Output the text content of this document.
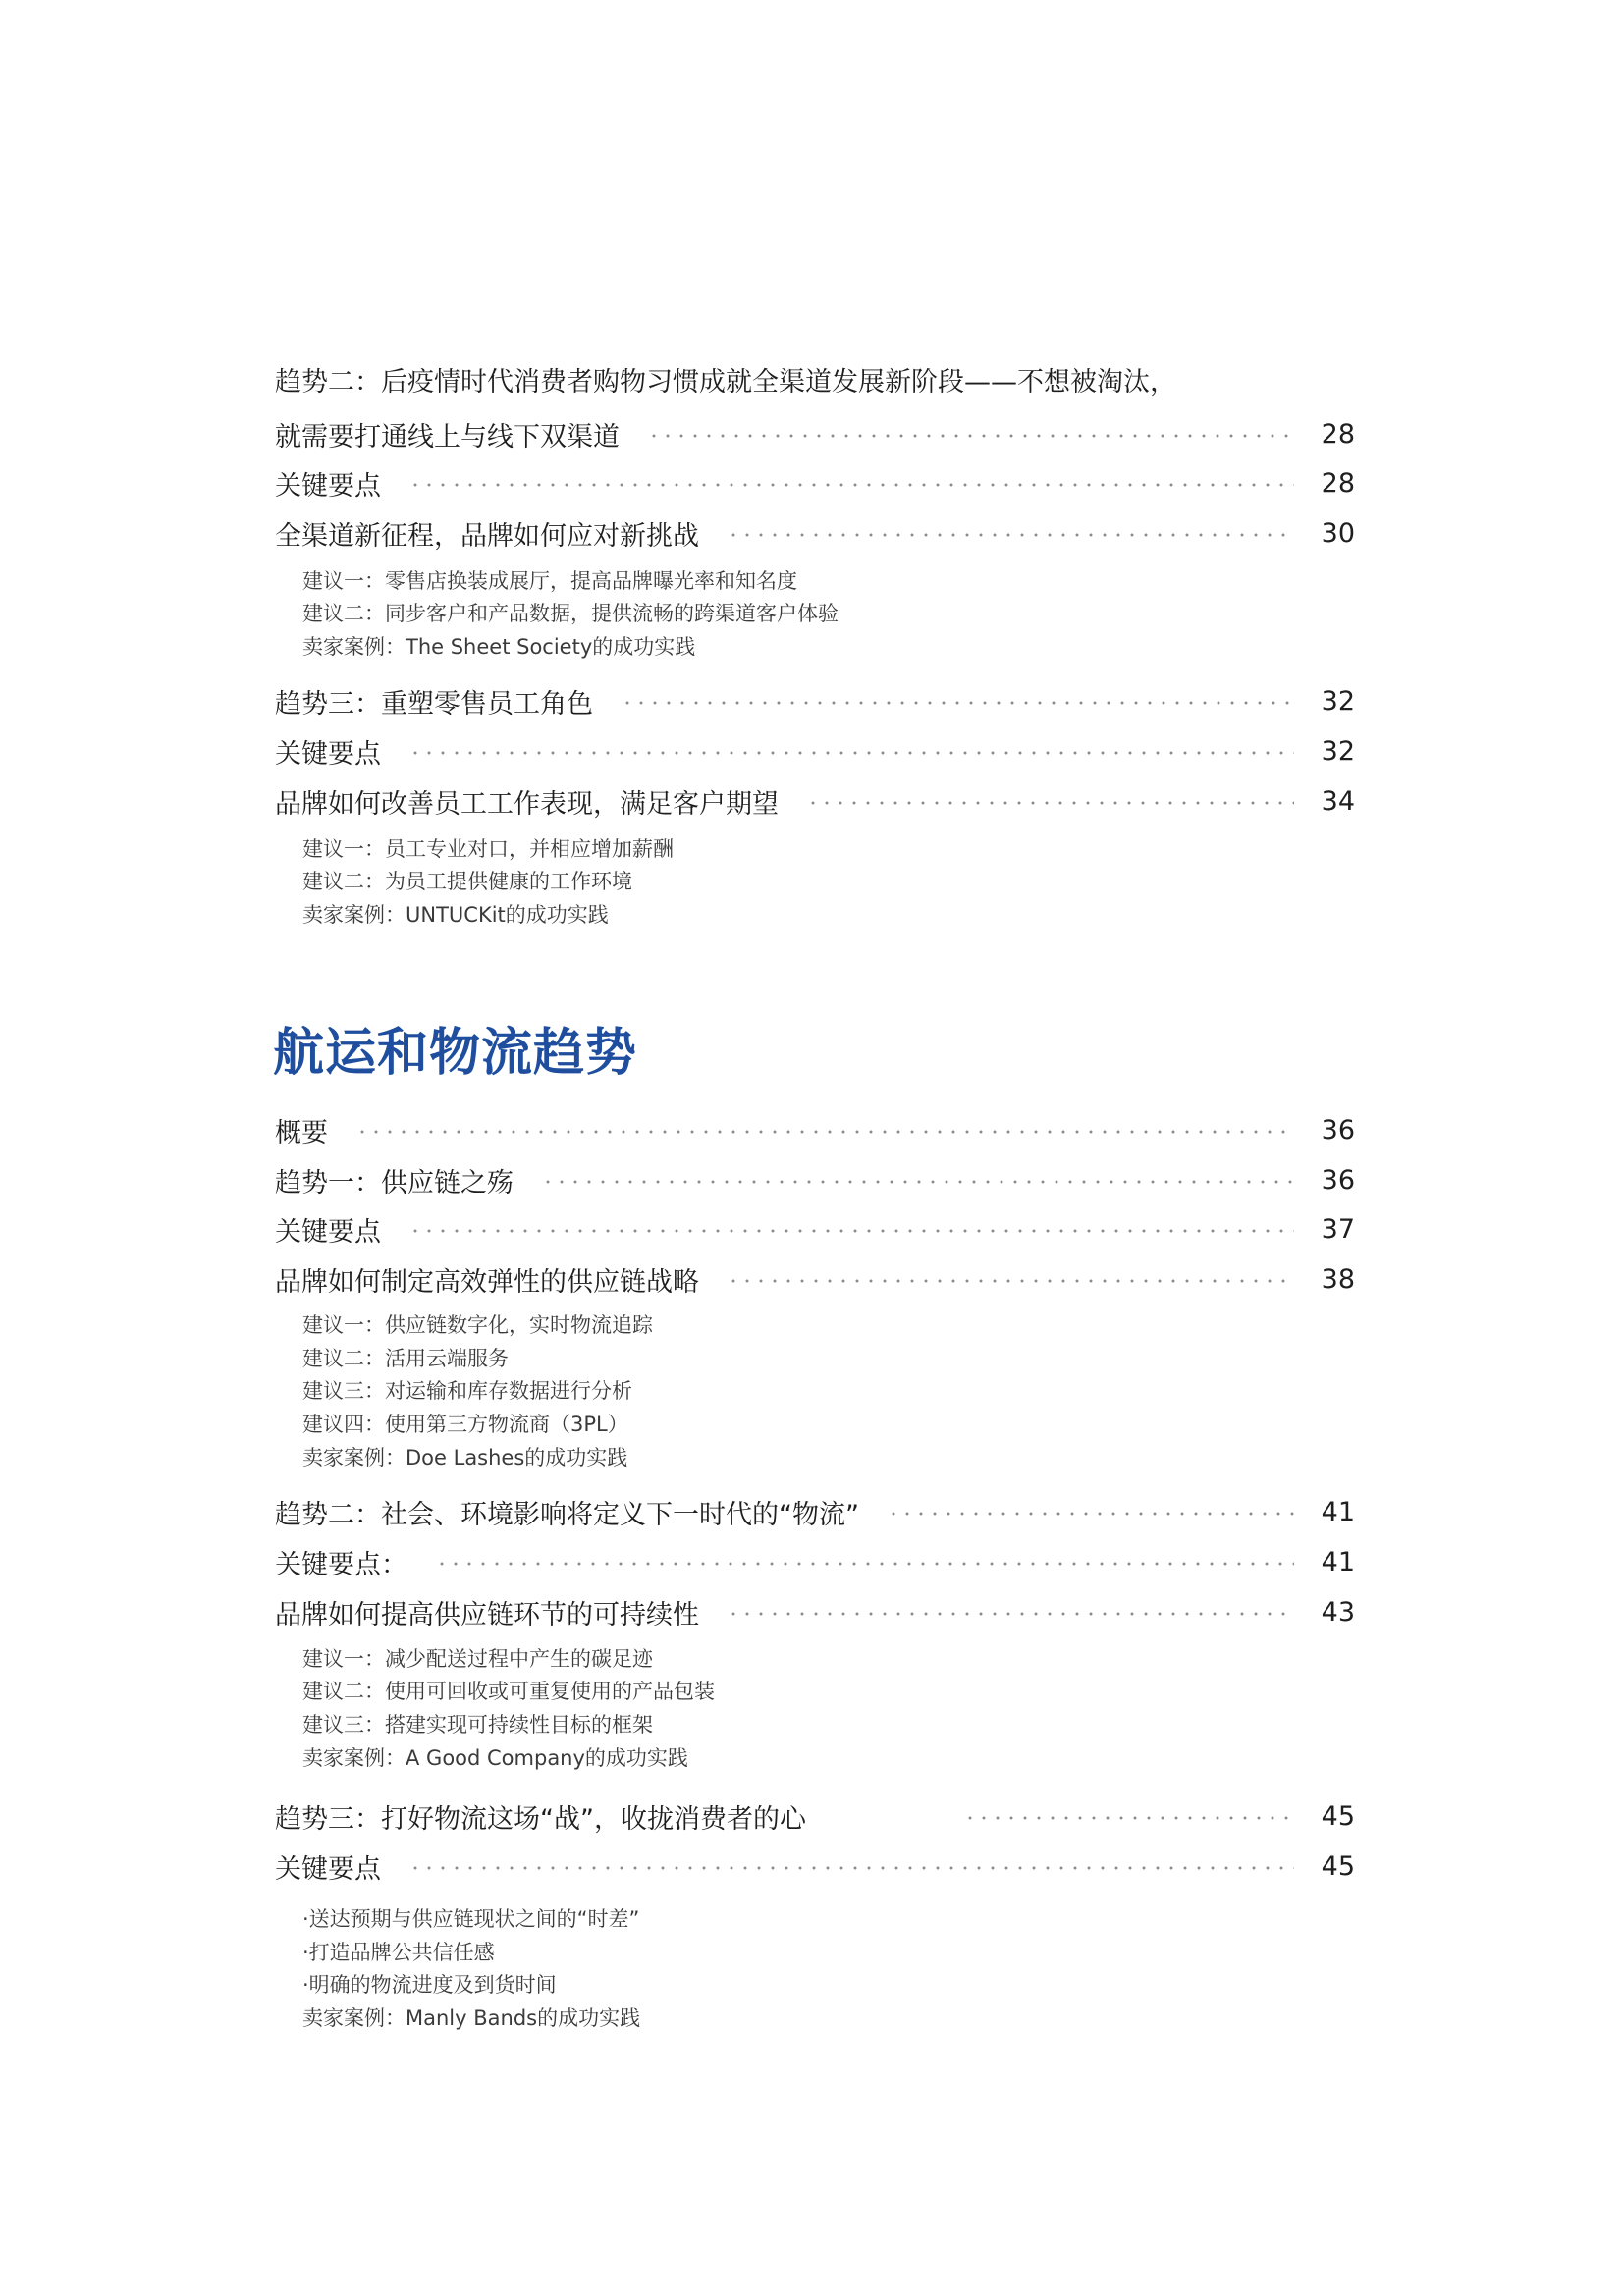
趋势二：后疫情时代消费者购物习惯成就全渠道发展新阶段——不想被淘汰，
就需要打通线上与线下双渠道	28
关键要点	28
全渠道新征程，品牌如何应对新挑战	30
建议一：零售店换装成展厅，提高品牌曝光率和知名度
建议二：同步客户和产品数据，提供流畅的跨渠道客户体验
卖家案例：The Sheet Society的成功实践
趋势三：重塑零售员工角色	32
关键要点	32
品牌如何改善员工工作表现，满足客户期望	34
建议一：员工专业对口，并相应增加薪酬
建议二：为员工提供健康的工作环境
卖家案例：UNTUCKit的成功实践
航运和物流趋势
概要	36
趋势一：供应链之殇	36
关键要点	37
品牌如何制定高效弹性的供应链战略	38
建议一：供应链数字化，实时物流追踪
建议二：活用云端服务
建议三：对运输和库存数据进行分析
建议四：使用第三方物流商（3PL）
卖家案例：Doe Lashes的成功实践
趋势二：社会、环境影响将定义下一时代的“物流”	41
关键要点：	41
品牌如何提高供应链环节的可持续性	43
建议一：减少配送过程中产生的碳足迹
建议二：使用可回收或可重复使用的产品包装
建议三：搭建实现可持续性目标的框架
卖家案例：A Good Company的成功实践
趋势三：打好物流这场“战”，收拢消费者的心	45
关键要点	45
·送达预期与供应链现状之间的“时差”
·打造品牌公共信任感
·明确的物流进度及到货时间
卖家案例：Manly Bands的成功实践
